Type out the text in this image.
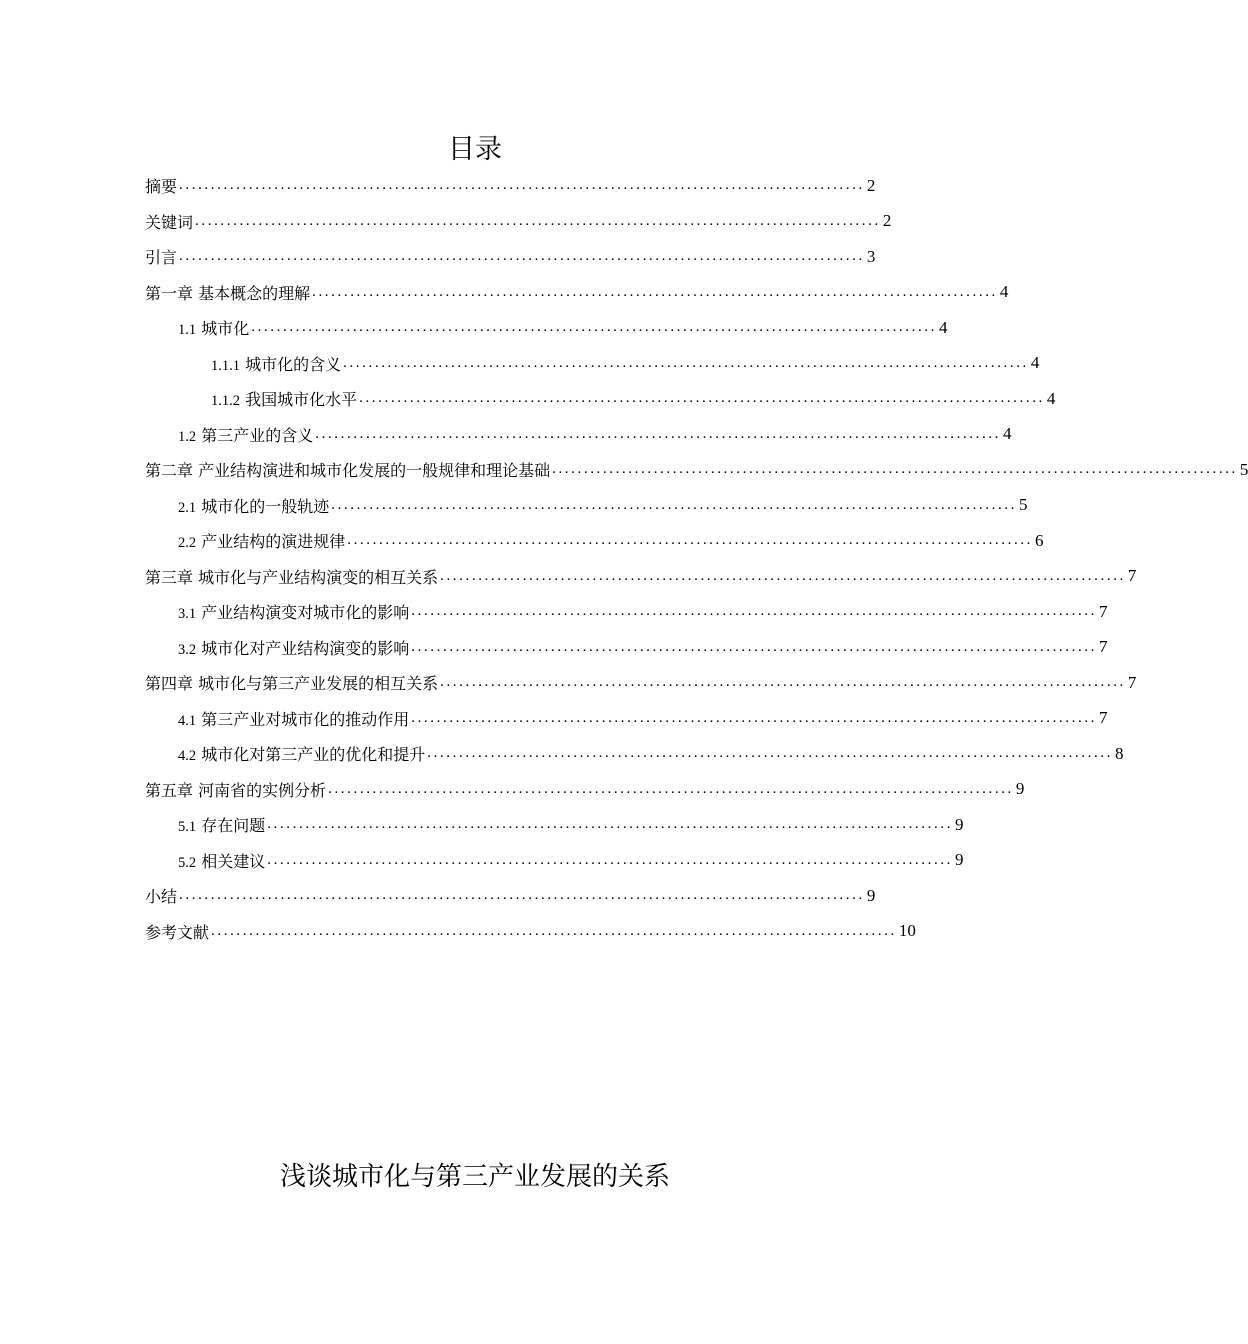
目录
摘要 ............................................................................................................ 2
关键词 ............................................................................................................ 2
引言 ............................................................................................................ 3
第一章 基本概念的理解 ............................................................................................................ 4
1.1 城市化 ............................................................................................................ 4
1.1.1 城市化的含义 ............................................................................................................ 4
1.1.2 我国城市化水平 ............................................................................................................ 4
1.2 第三产业的含义 ............................................................................................................ 4
第二章 产业结构演进和城市化发展的一般规律和理论基础 ............................................................................................................ 5
2.1 城市化的一般轨迹 ............................................................................................................ 5
2.2 产业结构的演进规律 ............................................................................................................ 6
第三章 城市化与产业结构演变的相互关系 ............................................................................................................ 7
3.1 产业结构演变对城市化的影响 ............................................................................................................ 7
3.2 城市化对产业结构演变的影响 ............................................................................................................ 7
第四章 城市化与第三产业发展的相互关系 ............................................................................................................ 7
4.1 第三产业对城市化的推动作用 ............................................................................................................ 7
4.2 城市化对第三产业的优化和提升 ............................................................................................................ 8
第五章 河南省的实例分析 ............................................................................................................ 9
5.1 存在问题 ............................................................................................................ 9
5.2 相关建议 ............................................................................................................ 9
小结 ............................................................................................................ 9
参考文献 ............................................................................................................ 10
浅谈城市化与第三产业发展的关系
